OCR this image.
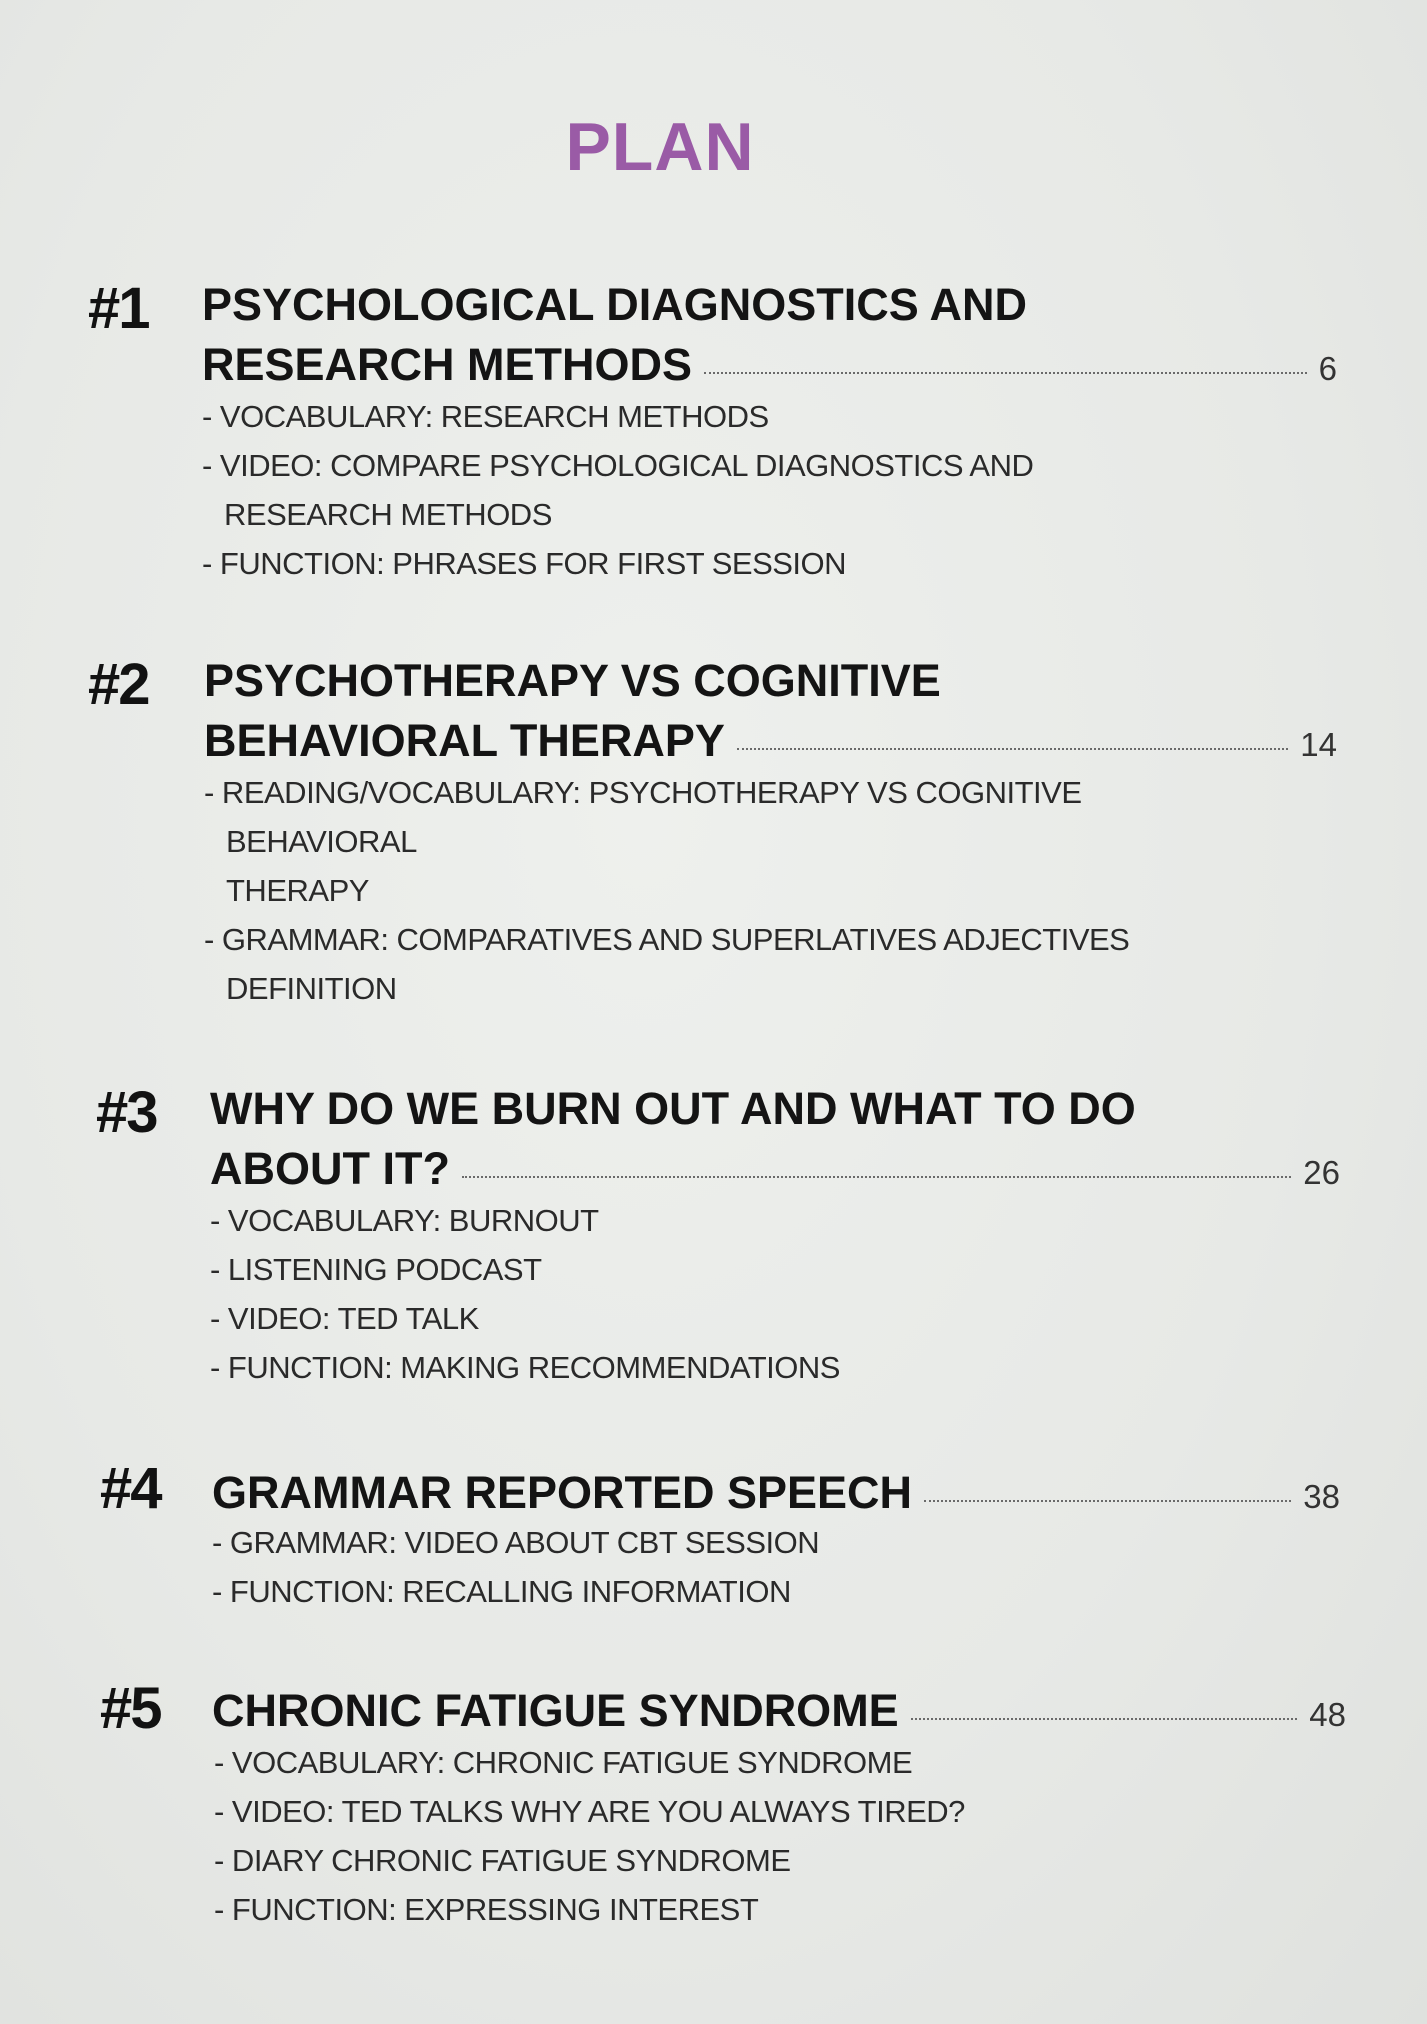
PLAN
#1 PSYCHOLOGICAL DIAGNOSTICS AND
RESEARCH METHODS	6
- VOCABULARY: RESEARCH METHODS
- VIDEO: COMPARE PSYCHOLOGICAL DIAGNOSTICS AND
RESEARCH METHODS
- FUNCTION: PHRASES FOR FIRST SESSION
#2 PSYCHOTHERAPY VS COGNITIVE
BEHAVIORAL THERAPY	14
- READING/VOCABULARY: PSYCHOTHERAPY VS COGNITIVE
BEHAVIORAL
THERAPY
- GRAMMAR: COMPARATIVES AND SUPERLATIVES ADJECTIVES
DEFINITION
#3 WHY DO WE BURN OUT AND WHAT TO DO
ABOUT IT?	26
- VOCABULARY: BURNOUT
- LISTENING PODCAST
- VIDEO: TED TALK
- FUNCTION: MAKING RECOMMENDATIONS
#4 GRAMMAR REPORTED SPEECH	38
- GRAMMAR: VIDEO ABOUT CBT SESSION
- FUNCTION: RECALLING INFORMATION
#5 CHRONIC FATIGUE SYNDROME	48
- VOCABULARY: CHRONIC FATIGUE SYNDROME
- VIDEO: TED TALKS WHY ARE YOU ALWAYS TIRED?
- DIARY CHRONIC FATIGUE SYNDROME
- FUNCTION: EXPRESSING INTEREST
